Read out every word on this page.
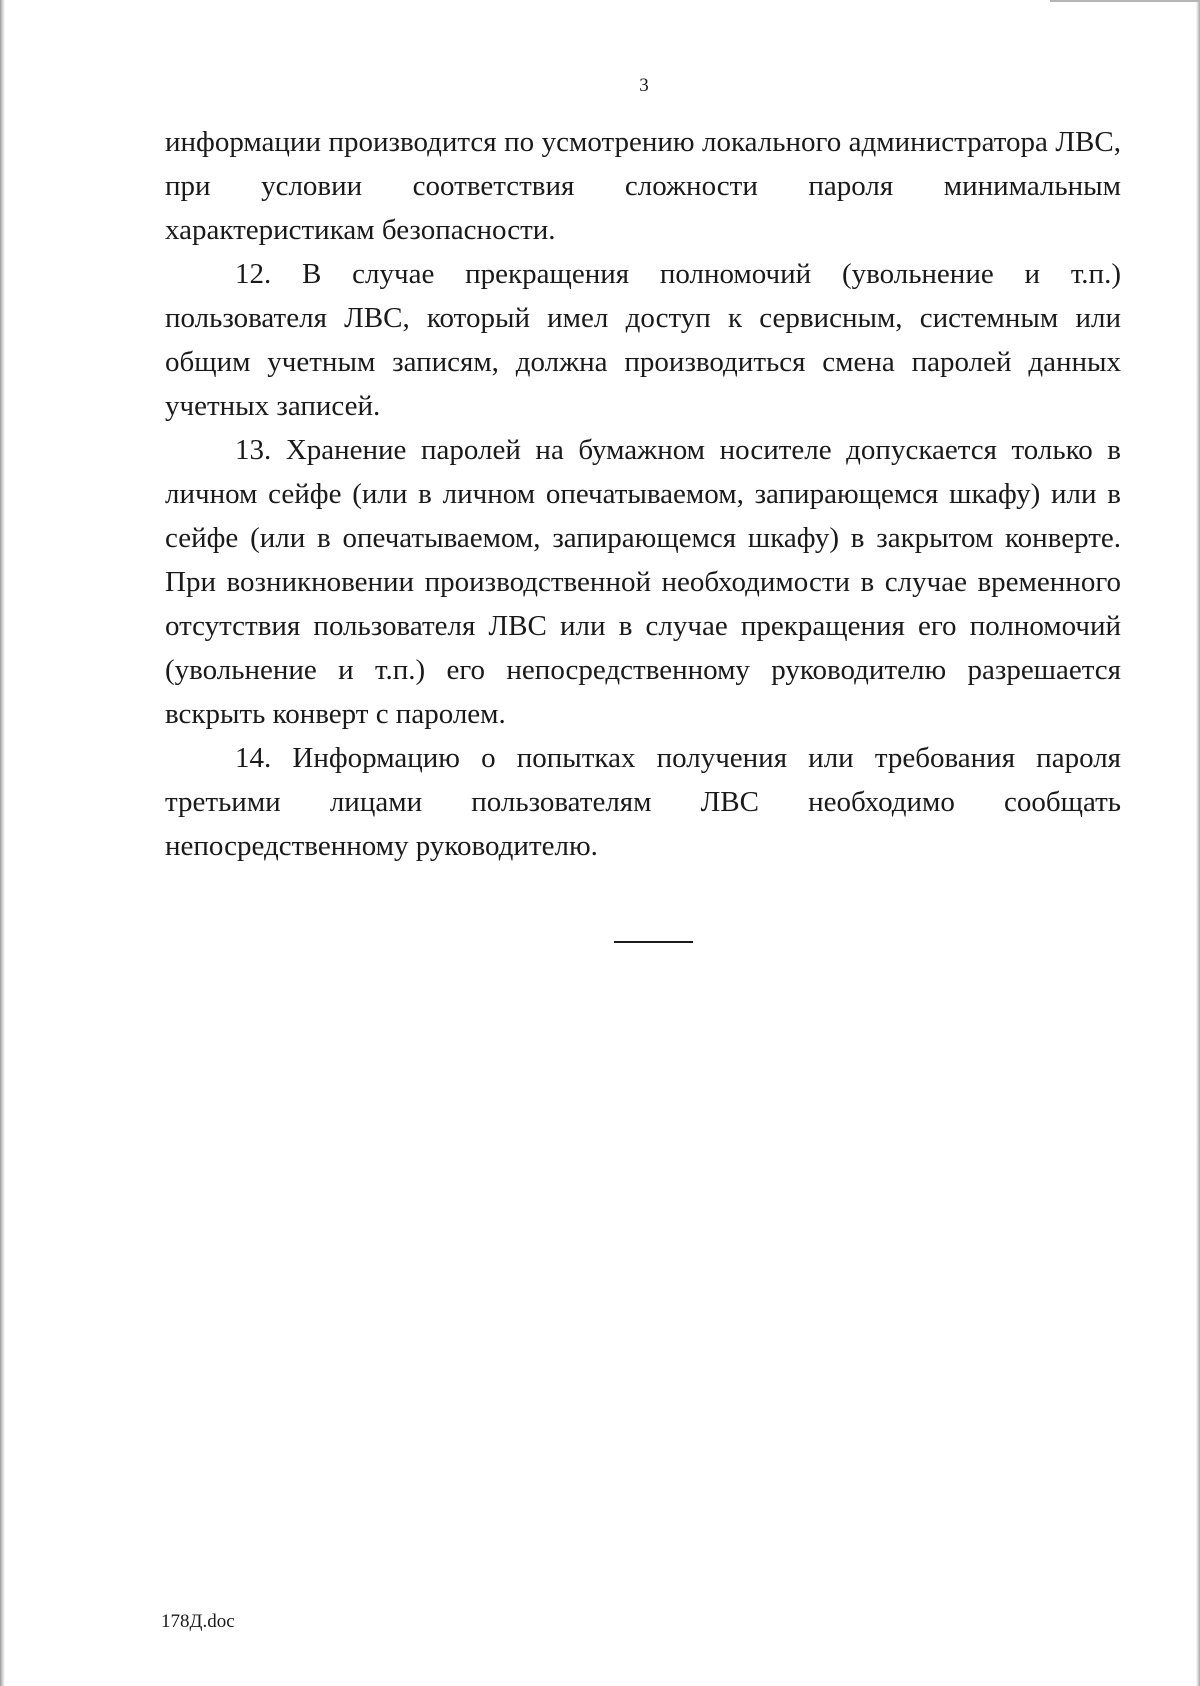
3

информации производится по усмотрению локального администратора ЛВС, при условии соответствия сложности пароля минимальным характеристикам безопасности.

12. В случае прекращения полномочий (увольнение и т.п.) пользователя ЛВС, который имел доступ к сервисным, системным или общим учетным записям, должна производиться смена паролей данных учетных записей.

13. Хранение паролей на бумажном носителе допускается только в личном сейфе (или в личном опечатываемом, запирающемся шкафу) или в сейфе (или в опечатываемом, запирающемся шкафу) в закрытом конверте. При возникновении производственной необходимости в случае временного отсутствия пользователя ЛВС или в случае прекращения его полномочий (увольнение и т.п.) его непосредственному руководителю разрешается вскрыть конверт с паролем.

14. Информацию о попытках получения или требования пароля третьими лицами пользователям ЛВС необходимо сообщать непосредственному руководителю.

178Д.doc
